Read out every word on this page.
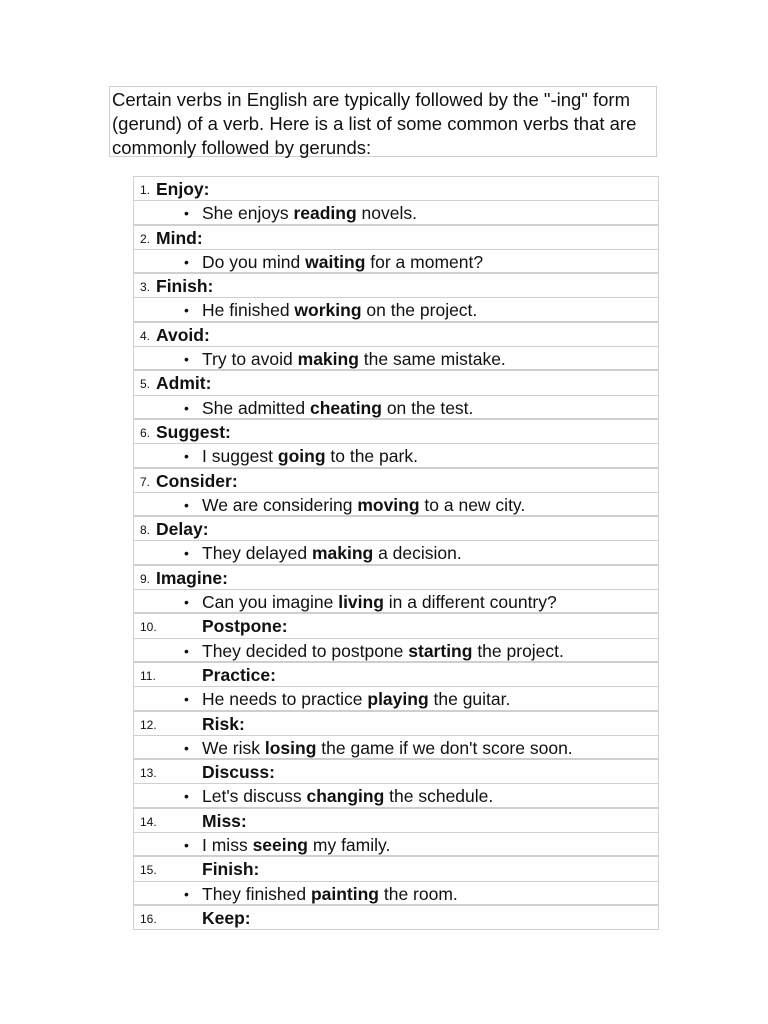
Certain verbs in English are typically followed by the "-ing" form (gerund) of a verb. Here is a list of some common verbs that are commonly followed by gerunds:
1. Enjoy:
• She enjoys reading novels.
2. Mind:
• Do you mind waiting for a moment?
3. Finish:
• He finished working on the project.
4. Avoid:
• Try to avoid making the same mistake.
5. Admit:
• She admitted cheating on the test.
6. Suggest:
• I suggest going to the park.
7. Consider:
• We are considering moving to a new city.
8. Delay:
• They delayed making a decision.
9. Imagine:
• Can you imagine living in a different country?
10.	Postpone:
• They decided to postpone starting the project.
11.	Practice:
• He needs to practice playing the guitar.
12.	Risk:
• We risk losing the game if we don't score soon.
13.	Discuss:
• Let's discuss changing the schedule.
14.	Miss:
• I miss seeing my family.
15.	Finish:
• They finished painting the room.
16.	Keep:
